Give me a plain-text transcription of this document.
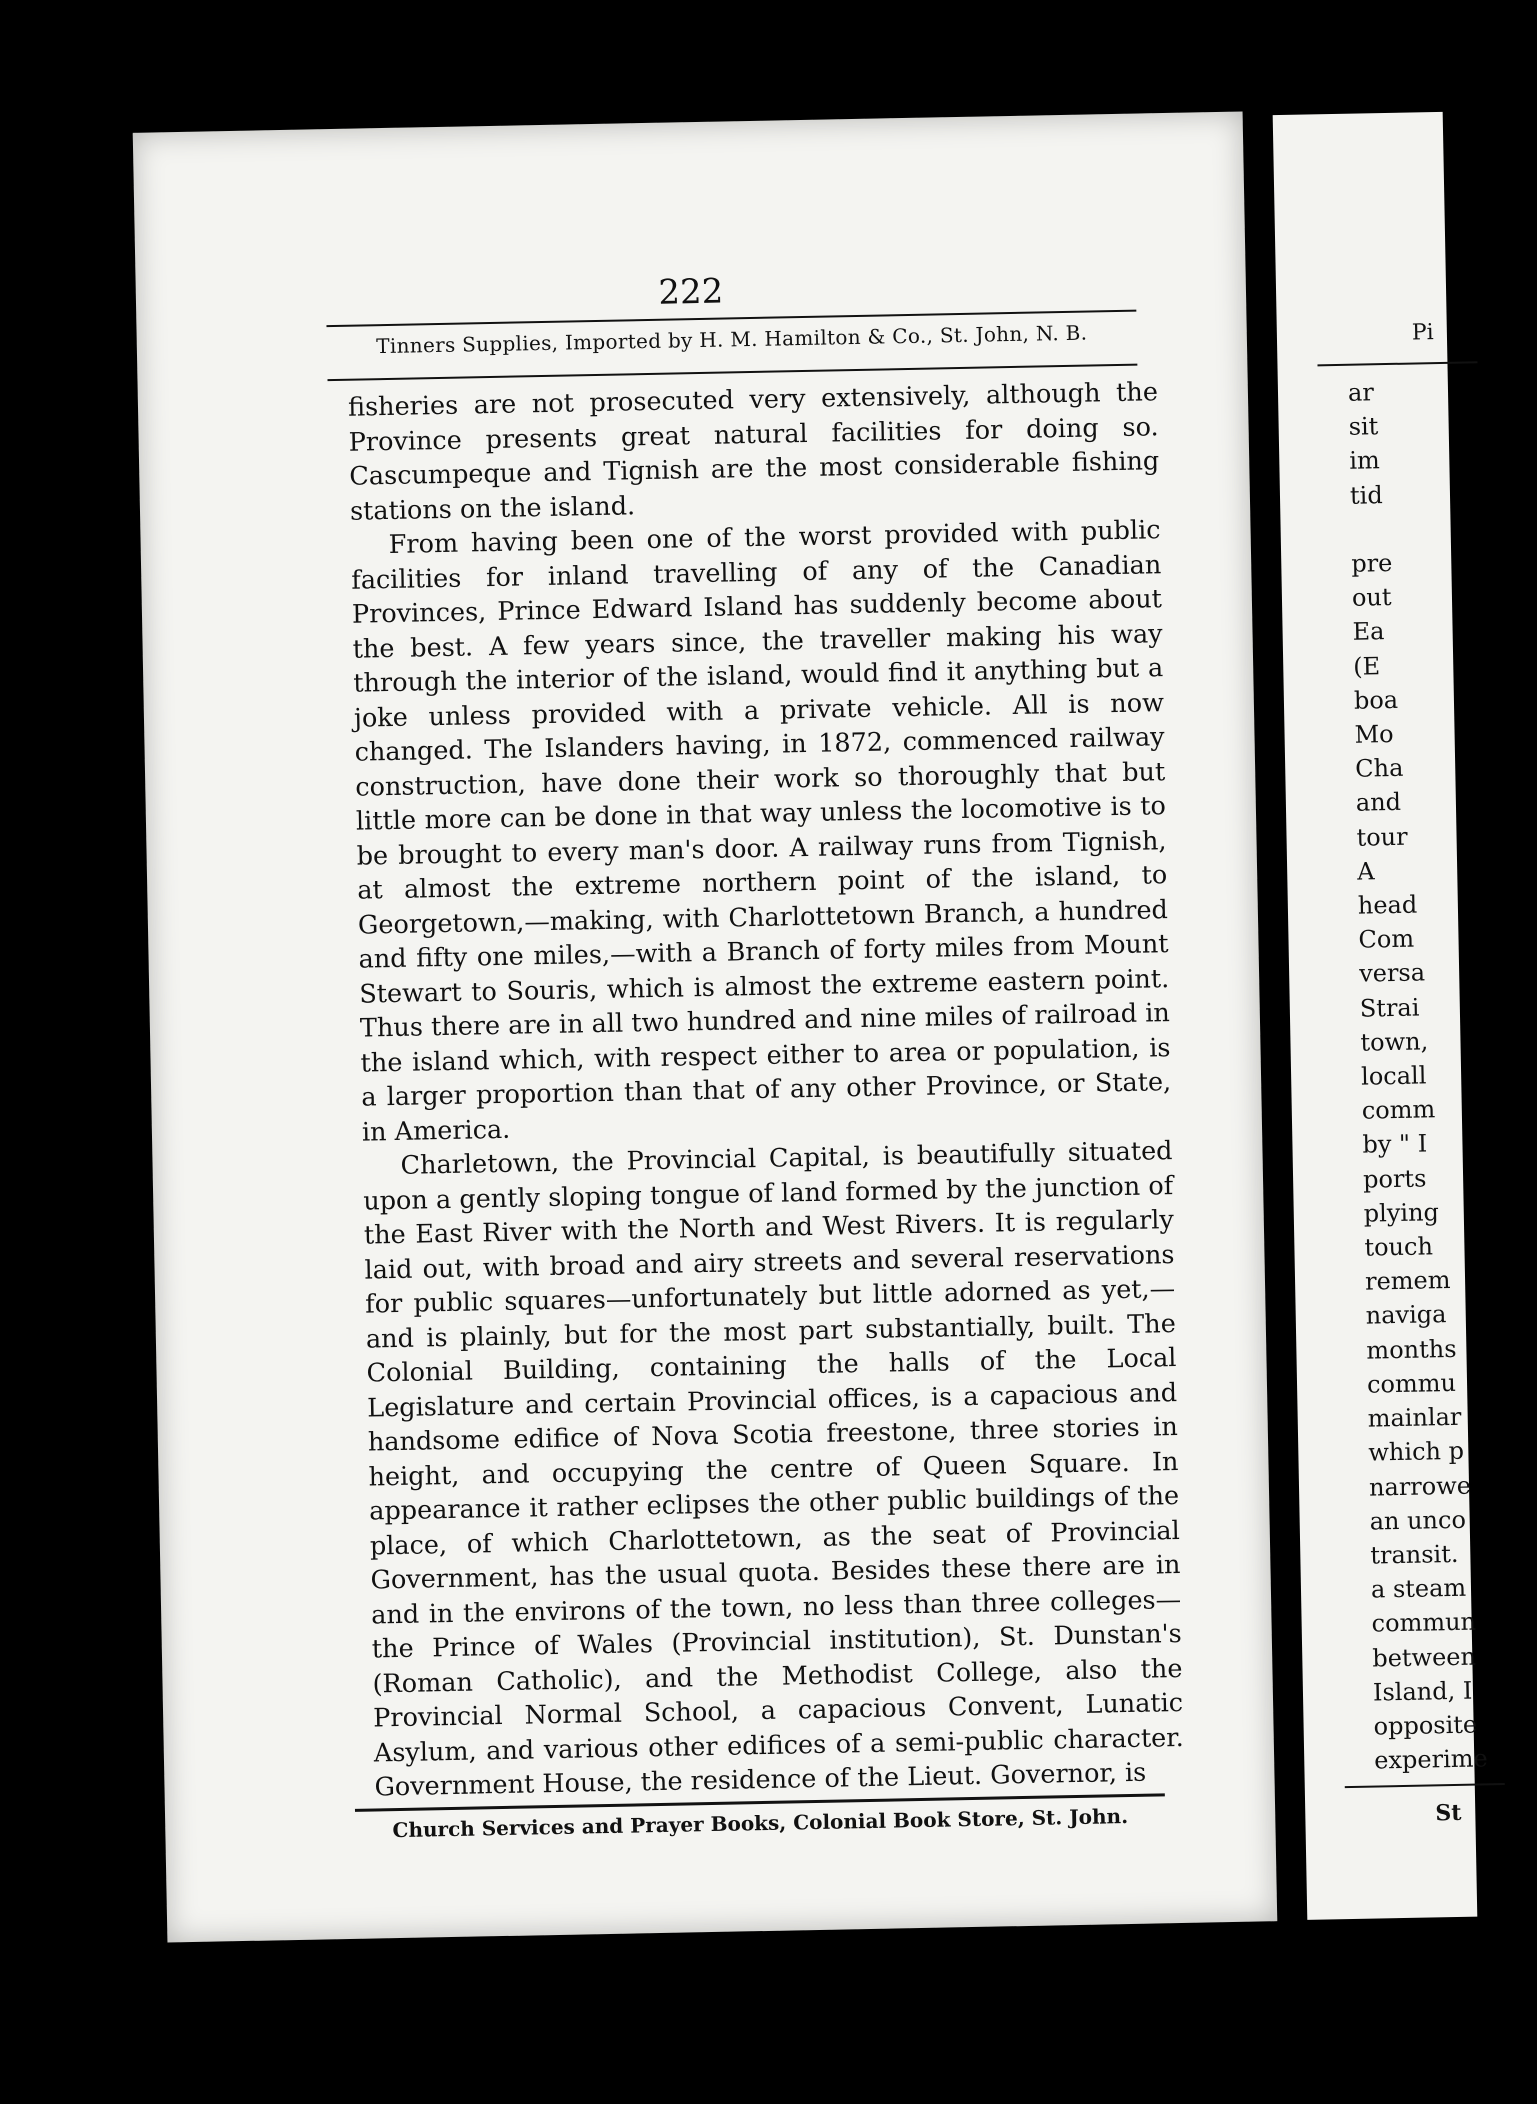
222
Tinners Supplies, Imported by H. M. Hamilton & Co., St. John, N. B.

fisheries are not prosecuted very extensively, although the Province presents great natural facilities for doing so. Cascumpeque and Tignish are the most considerable fishing stations on the island.

From having been one of the worst provided with public facilities for inland travelling of any of the Canadian Provinces, Prince Edward Island has suddenly become about the best. A few years since, the traveller making his way through the interior of the island, would find it anything but a joke unless provided with a private vehicle. All is now changed. The Islanders having, in 1872, commenced railway construction, have done their work so thoroughly that but little more can be done in that way unless the locomotive is to be brought to every man's door. A railway runs from Tignish, at almost the extreme northern point of the island, to Georgetown,—making, with Charlottetown Branch, a hundred and fifty one miles,—with a Branch of forty miles from Mount Stewart to Souris, which is almost the extreme eastern point. Thus there are in all two hundred and nine miles of railroad in the island which, with respect either to area or population, is a larger proportion than that of any other Province, or State, in America.

Charletown, the Provincial Capital, is beautifully situated upon a gently sloping tongue of land formed by the junction of the East River with the North and West Rivers. It is regularly laid out, with broad and airy streets and several reservations for public squares—unfortunately but little adorned as yet,—and is plainly, but for the most part substantially, built. The Colonial Building, containing the halls of the Local Legislature and certain Provincial offices, is a capacious and handsome edifice of Nova Scotia freestone, three stories in height, and occupying the centre of Queen Square. In appearance it rather eclipses the other public buildings of the place, of which Charlottetown, as the seat of Provincial Government, has the usual quota. Besides these there are in and in the environs of the town, no less than three colleges—the Prince of Wales (Provincial institution), St. Dunstan's (Roman Catholic), and the Methodist College, also the Provincial Normal School, a capacious Convent, Lunatic Asylum, and various other edifices of a semi-public character. Government House, the residence of the Lieut. Governor, is

Church Services and Prayer Books, Colonial Book Store, St. John.
Pi
ar
sit
im
tid

pre
out
Ea
(E
boa
Mo
Cha
and
tour
A
head
Com
versa
Strai
town,
locall
comm
by " I
ports
plying
touch
remem
naviga
months
commu
mainlar
which p
narrowe
an unco
transit.
a steam
commun
between
Island, I
opposite
experime
St
